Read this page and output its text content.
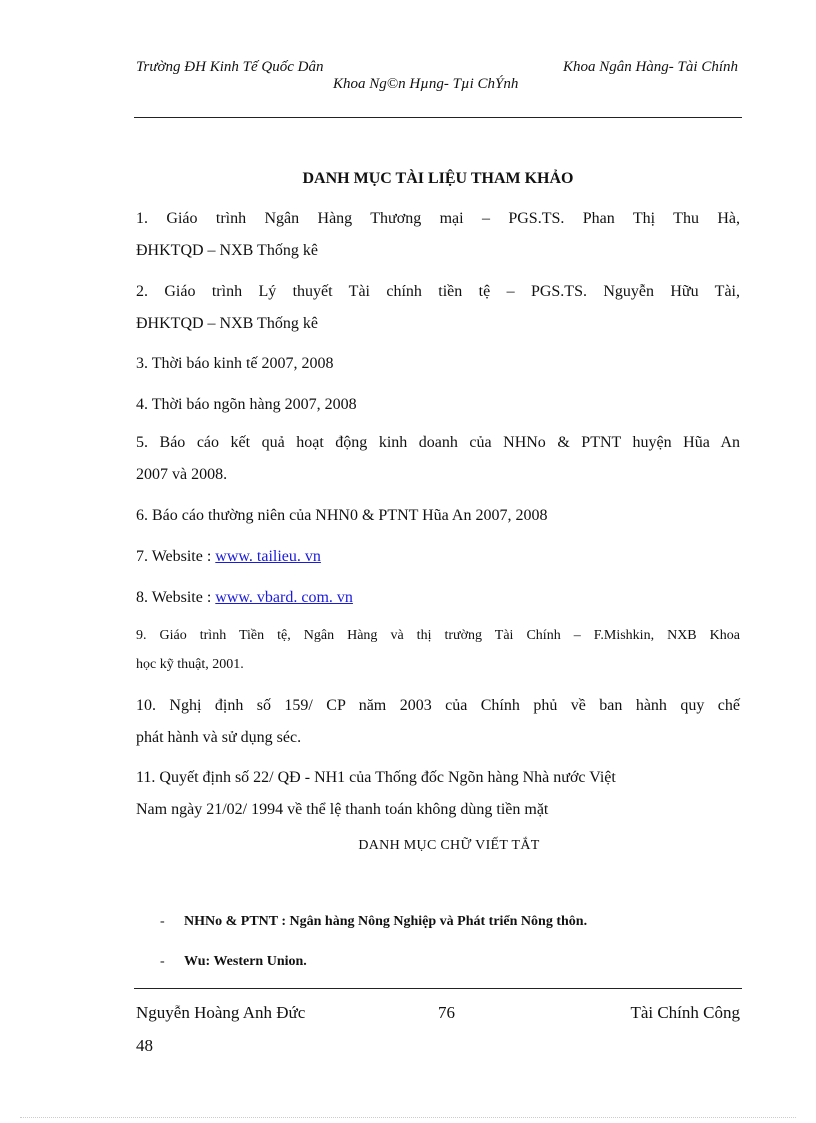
Trường ĐH Kinh Tế Quốc Dân	Khoa Ngân Hàng- Tài Chính
Khoa Ng©n Hµng- Tµi ChÝnh
DANH MỤC TÀI LIỆU THAM KHẢO
1. Giáo trình Ngân Hàng Thương mại – PGS.TS. Phan Thị Thu Hà,
ĐHKTQD – NXB Thống kê
2. Giáo trình Lý thuyết Tài chính tiền tệ – PGS.TS. Nguyễn Hữu Tài,
ĐHKTQD – NXB Thống kê
3. Thời báo kinh tế 2007, 2008
4. Thời báo ngõn hàng 2007, 2008
5. Báo cáo kết quả hoạt động kinh doanh của NHNo & PTNT huyện Hũa An
2007 và 2008.
6. Báo cáo thường niên của NHN0 & PTNT Hũa An 2007, 2008
7. Website : www. tailieu. vn
8. Website : www. vbard. com. vn
9. Giáo trình Tiền tệ, Ngân Hàng và thị trường Tài Chính – F.Mishkin, NXB Khoa
học kỹ thuật, 2001.
10. Nghị định số 159/ CP năm 2003 của Chính phủ về ban hành quy chế
phát hành và sử dụng séc.
11. Quyết định số 22/ QĐ - NH1 của Thống đốc Ngõn hàng Nhà nước Việt
Nam ngày 21/02/ 1994 về thể lệ thanh toán không dùng tiền mặt
DANH MỤC CHỮ VIẾT TẮT
- NHNo & PTNT : Ngân hàng Nông Nghiệp và Phát triển Nông thôn.
- Wu: Western Union.
Nguyễn Hoàng Anh Đức	76	Tài Chính Công
48
